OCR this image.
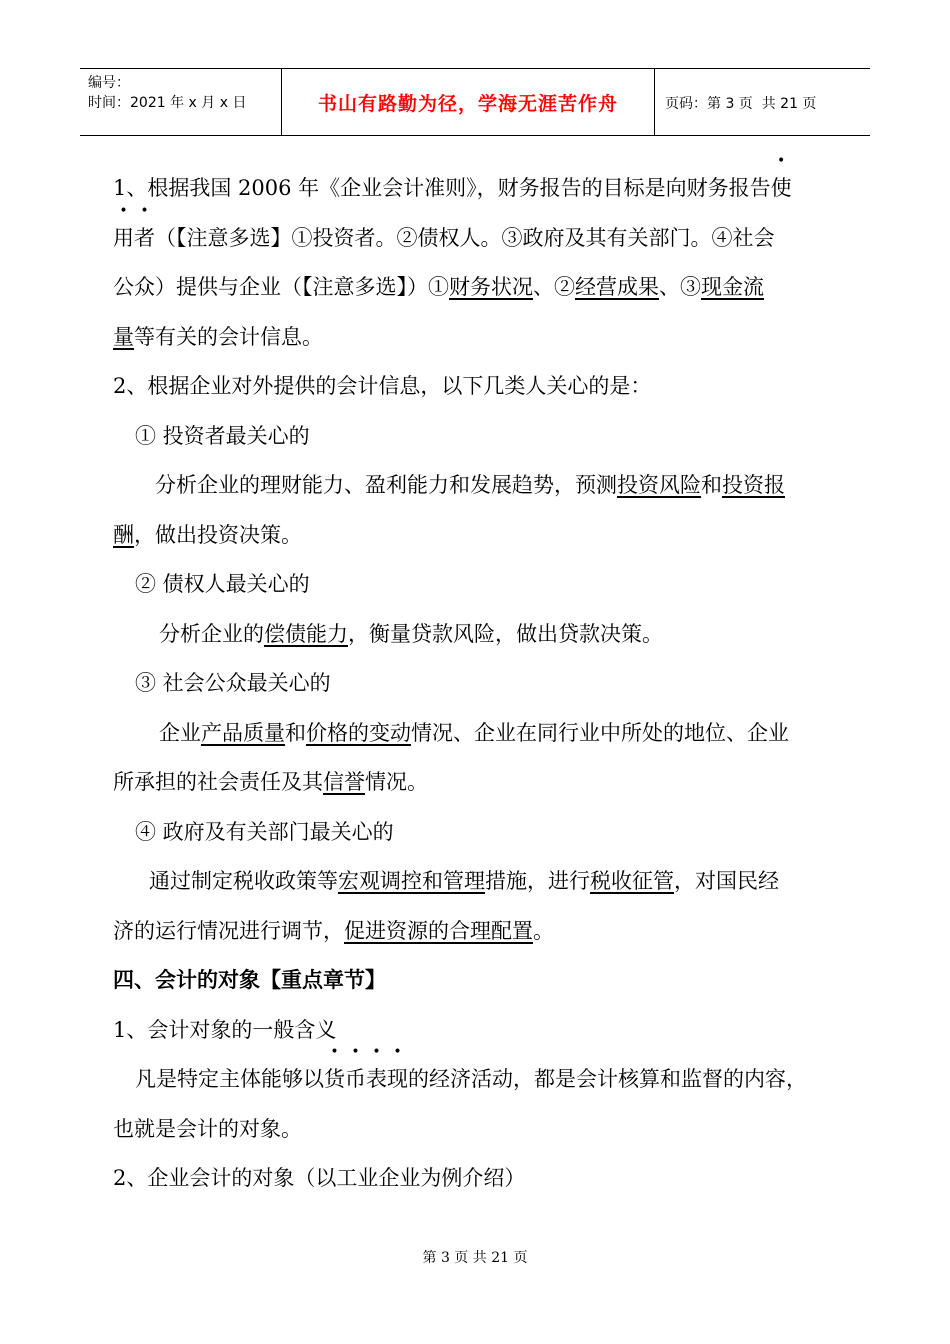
编号：
时间：2021 年 x 月 x 日	书山有路勤为径，学海无涯苦作舟	页码：第 3 页  共 21 页
1、根据我国 2006 年《企业会计准则》，财务报告的目标是向财务报告使
用者（【注意多选】①投资者。②债权人。③政府及其有关部门。④社会
公众）提供与企业（【注意多选】）①财务状况、②经营成果、③现金流
量等有关的会计信息。
2、根据企业对外提供的会计信息，以下几类人关心的是：
① 投资者最关心的
分析企业的理财能力、盈利能力和发展趋势，预测投资风险和投资报
酬，做出投资决策。
② 债权人最关心的
分析企业的偿债能力，衡量贷款风险，做出贷款决策。
③ 社会公众最关心的
企业产品质量和价格的变动情况、企业在同行业中所处的地位、企业
所承担的社会责任及其信誉情况。
④ 政府及有关部门最关心的
通过制定税收政策等宏观调控和管理措施，进行税收征管，对国民经
济的运行情况进行调节，促进资源的合理配置。
四、会计的对象【重点章节】
1、会计对象的一般含义
凡是特定主体能够以货币表现的经济活动，都是会计核算和监督的内容，
也就是会计的对象。
2、企业会计的对象（以工业企业为例介绍）
第 3 页 共 21 页
